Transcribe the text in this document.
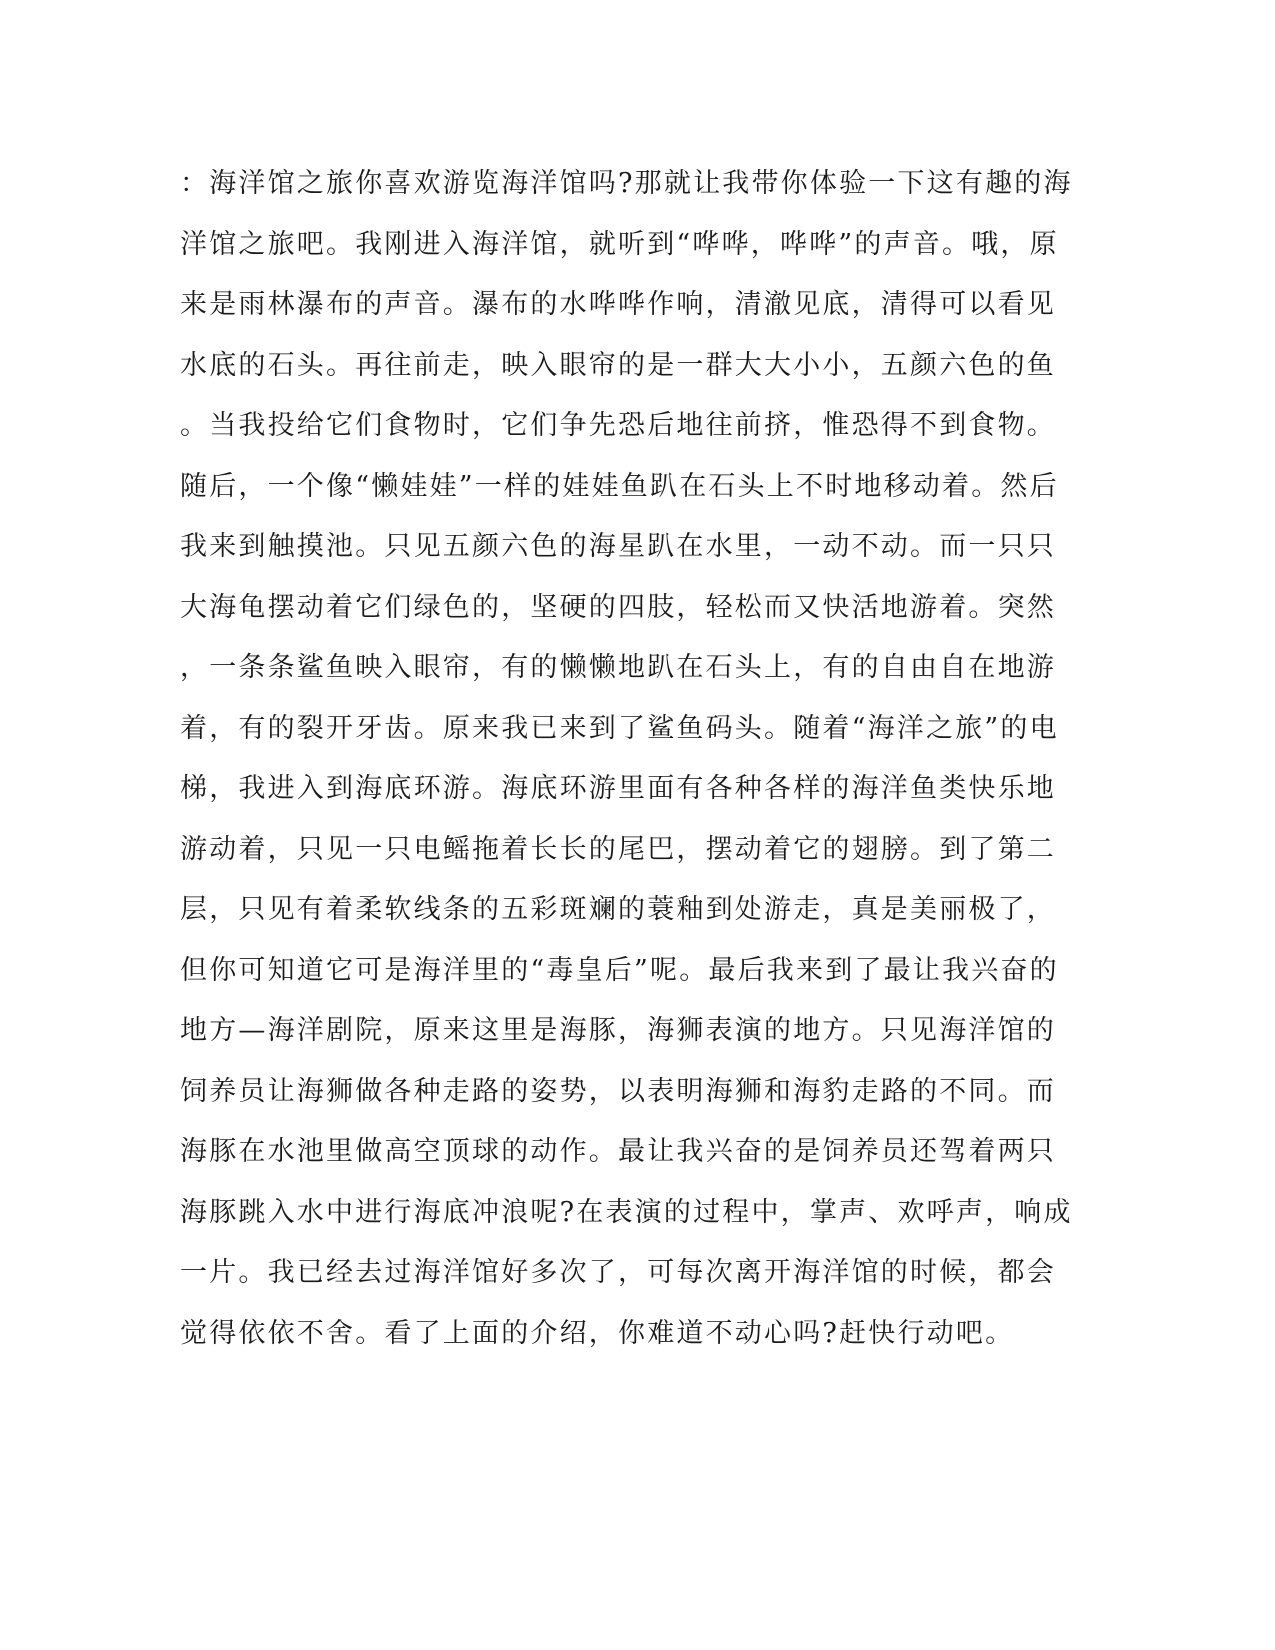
：海洋馆之旅你喜欢游览海洋馆吗?那就让我带你体验一下这有趣的海
洋馆之旅吧。我刚进入海洋馆，就听到“哗哗，哗哗”的声音。哦，原
来是雨林瀑布的声音。瀑布的水哗哗作响，清澈见底，清得可以看见
水底的石头。再往前走，映入眼帘的是一群大大小小，五颜六色的鱼
。当我投给它们食物时，它们争先恐后地往前挤，惟恐得不到食物。
随后，一个像“懒娃娃”一样的娃娃鱼趴在石头上不时地移动着。然后
我来到触摸池。只见五颜六色的海星趴在水里，一动不动。而一只只
大海龟摆动着它们绿色的，坚硬的四肢，轻松而又快活地游着。突然
，一条条鲨鱼映入眼帘，有的懒懒地趴在石头上，有的自由自在地游
着，有的裂开牙齿。原来我已来到了鲨鱼码头。随着“海洋之旅”的电
梯，我进入到海底环游。海底环游里面有各种各样的海洋鱼类快乐地
游动着，只见一只电鳐拖着长长的尾巴，摆动着它的翅膀。到了第二
层，只见有着柔软线条的五彩斑斓的蓑釉到处游走，真是美丽极了，
但你可知道它可是海洋里的“毒皇后”呢。最后我来到了最让我兴奋的
地方—海洋剧院，原来这里是海豚，海狮表演的地方。只见海洋馆的
饲养员让海狮做各种走路的姿势，以表明海狮和海豹走路的不同。而
海豚在水池里做高空顶球的动作。最让我兴奋的是饲养员还驾着两只
海豚跳入水中进行海底冲浪呢?在表演的过程中，掌声、欢呼声，响成
一片。我已经去过海洋馆好多次了，可每次离开海洋馆的时候，都会
觉得依依不舍。看了上面的介绍，你难道不动心吗?赶快行动吧。
